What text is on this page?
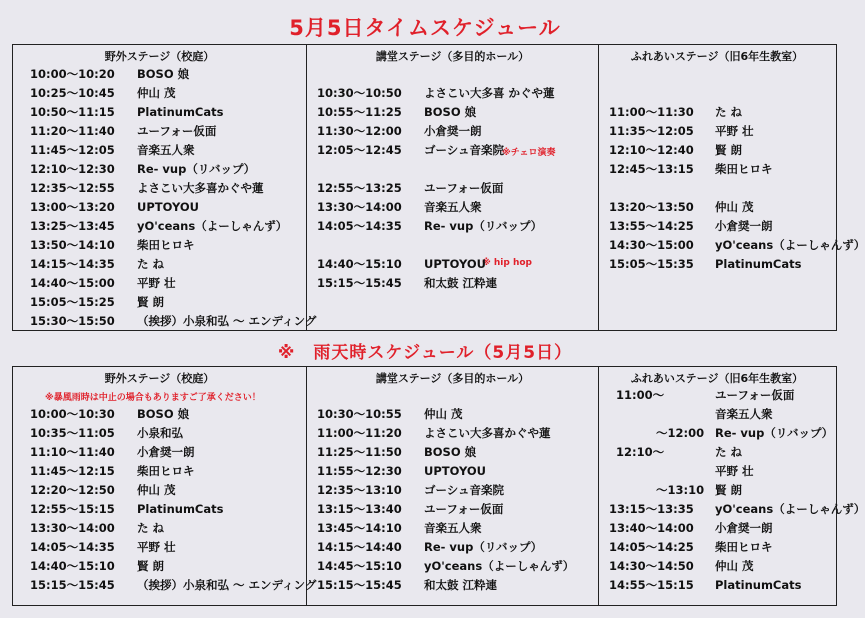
5月5日タイムスケジュール
野外ステージ（校庭）
10:00〜10:20 BOSO 娘
10:25〜10:45 仲山 茂
10:50〜11:15 PlatinumCats
11:20〜11:40 ユーフォー仮面
11:45〜12:05 音楽五人衆
12:10〜12:30 Re- vup（リバップ）
12:35〜12:55 よさこい大多喜かぐや蓮
13:00〜13:20 UPTOYOU
13:25〜13:45 yO'ceans（よーしゃんず）
13:50〜14:10 柴田ヒロキ
14:15〜14:35 た ね
14:40〜15:00 平野 壮
15:05〜15:25 賢 朗
15:30〜15:50 （挨拶）小泉和弘 〜 エンディング
講堂ステージ（多目的ホール）
※チェロ演奏
※ hip hop
10:30〜10:50 よさこい大多喜 かぐや蓮
10:55〜11:25 BOSO 娘
11:30〜12:00 小倉奨一朗
12:05〜12:45 ゴーシュ音楽院
12:55〜13:25 ユーフォー仮面
13:30〜14:00 音楽五人衆
14:05〜14:35 Re- vup（リバップ）
14:40〜15:10 UPTOYOU
15:15〜15:45 和太鼓 江粋連
ふれあいステージ（旧6年生教室）
11:00〜11:30 た ね
11:35〜12:05 平野 壮
12:10〜12:40 賢 朗
12:45〜13:15 柴田ヒロキ
13:20〜13:50 仲山 茂
13:55〜14:25 小倉奨一朗
14:30〜15:00 yO'ceans（よーしゃんず）
15:05〜15:35 PlatinumCats
※　雨天時スケジュール（5月5日）
野外ステージ（校庭）
※暴風雨時は中止の場合もありますご了承ください！
10:00〜10:30 BOSO 娘
10:35〜11:05 小泉和弘
11:10〜11:40 小倉奨一朗
11:45〜12:15 柴田ヒロキ
12:20〜12:50 仲山 茂
12:55〜15:15 PlatinumCats
13:30〜14:00 た ね
14:05〜14:35 平野 壮
14:40〜15:10 賢 朗
15:15〜15:45 （挨拶）小泉和弘 〜 エンディング
講堂ステージ（多目的ホール）
10:30〜10:55 仲山 茂
11:00〜11:20 よさこい大多喜かぐや蓮
11:25〜11:50 BOSO 娘
11:55〜12:30 UPTOYOU
12:35〜13:10 ゴーシュ音楽院
13:15〜13:40 ユーフォー仮面
13:45〜14:10 音楽五人衆
14:15〜14:40 Re- vup（リバップ）
14:45〜15:10 yO'ceans（よーしゃんず）
15:15〜15:45 和太鼓 江粋連
ふれあいステージ（旧6年生教室）
11:00〜	ユーフォー仮面
音楽五人衆
〜12:00 Re- vup（リバップ）
12:10〜	た ね
平野 壮
〜13:10 賢 朗
13:15〜13:35 yO'ceans（よーしゃんず）
13:40〜14:00 小倉奨一朗
14:05〜14:25 柴田ヒロキ
14:30〜14:50 仲山 茂
14:55〜15:15 PlatinumCats
